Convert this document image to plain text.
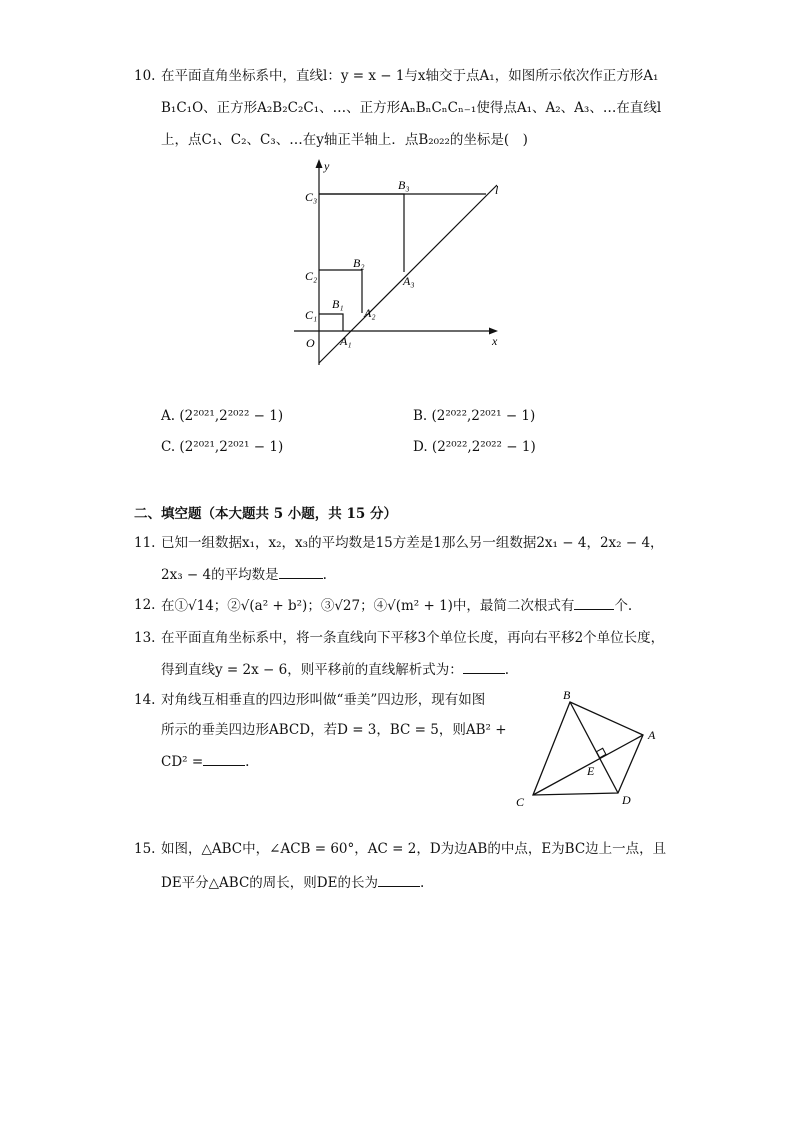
10. 在平面直角坐标系中，直线l：y = x − 1与x轴交于点A₁，如图所示依次作正方形A₁
B₁C₁O、正方形A₂B₂C₂C₁、…、正方形AₙBₙCₙCₙ₋₁使得点A₁、A₂、A₃、…在直线l
上，点C₁、C₂、C₃、…在y轴正半轴上．点B₂₀₂₂的坐标是(　)
y
x
l
O A₁
A₂
A₃
B₁
B₂
B₃
C₁
C₂
C₃
A. (2²⁰²¹,2²⁰²² − 1)	B. (2²⁰²²,2²⁰²¹ − 1)
C. (2²⁰²¹,2²⁰²¹ − 1)	D. (2²⁰²²,2²⁰²² − 1)
二、填空题（本大题共 5 小题，共 15 分）
11. 已知一组数据x₁，x₂，x₃的平均数是15方差是1那么另一组数据2x₁ − 4，2x₂ − 4，
2x₃ − 4的平均数是	.
12. 在①√14；②√(a² + b²)；③√27；④√(m² + 1)中，最简二次根式有	个.
13. 在平面直角坐标系中，将一条直线向下平移3个单位长度，再向右平移2个单位长度，
得到直线y = 2x − 6，则平移前的直线解析式为：	.
14. 对角线互相垂直的四边形叫做“垂美”四边形，现有如图
所示的垂美四边形ABCD，若D = 3，BC = 5，则AB² +
CD² =	.
B
A
C	D
E
15. 如图，△ABC中，∠ACB = 60°，AC = 2，D为边AB的中点，E为BC边上一点，且
DE平分△ABC的周长，则DE的长为	.
